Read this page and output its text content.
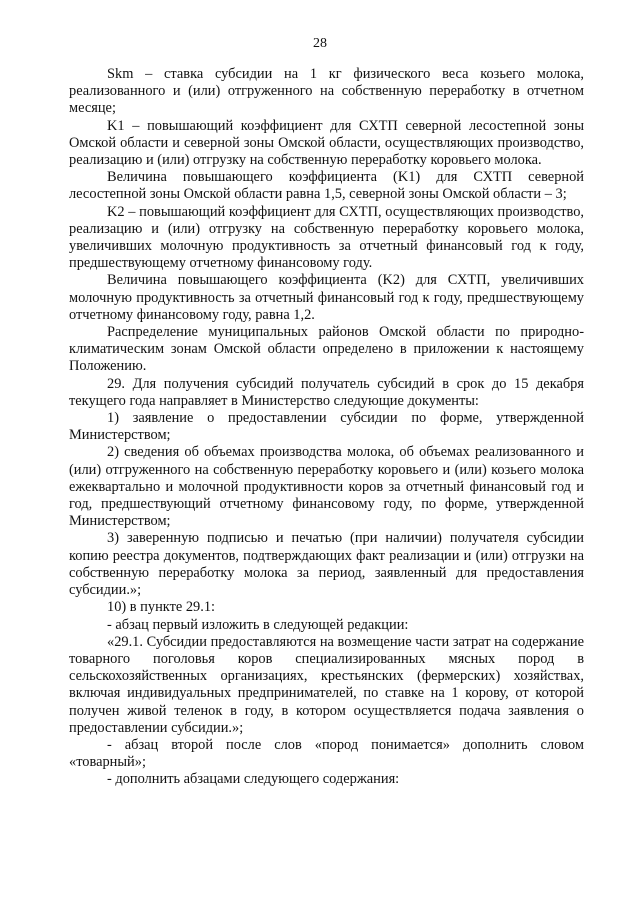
28

Skm – ставка субсидии на 1 кг физического веса козьего молока, реализованного и (или) отгруженного на собственную переработку в отчетном месяце;

K1 – повышающий коэффициент для СХТП северной лесостепной зоны Омской области и северной зоны Омской области, осуществляющих производство, реализацию и (или) отгрузку на собственную переработку коровьего молока.

Величина повышающего коэффициента (K1) для СХТП северной лесостепной зоны Омской области равна 1,5, северной зоны Омской области – 3;

K2 – повышающий коэффициент для СХТП, осуществляющих производство, реализацию и (или) отгрузку на собственную переработку коровьего молока, увеличивших молочную продуктивность за отчетный финансовый год к году, предшествующему отчетному финансовому году.

Величина повышающего коэффициента (K2) для СХТП, увеличивших молочную продуктивность за отчетный финансовый год к году, предшествующему отчетному финансовому году, равна 1,2.

Распределение муниципальных районов Омской области по природно-климатическим зонам Омской области определено в приложении к настоящему Положению.

29. Для получения субсидий получатель субсидий в срок до 15 декабря текущего года направляет в Министерство следующие документы:

1) заявление о предоставлении субсидии по форме, утвержденной Министерством;

2) сведения об объемах производства молока, об объемах реализованного и (или) отгруженного на собственную переработку коровьего и (или) козьего молока ежеквартально и молочной продуктивности коров за отчетный финансовый год и год, предшествующий отчетному финансовому году, по форме, утвержденной Министерством;

3) заверенную подписью и печатью (при наличии) получателя субсидии копию реестра документов, подтверждающих факт реализации и (или) отгрузки на собственную переработку молока за период, заявленный для предоставления субсидии.»;

10) в пункте 29.1:

- абзац первый изложить в следующей редакции:

«29.1. Субсидии предоставляются на возмещение части затрат на содержание товарного поголовья коров специализированных мясных пород в сельскохозяйственных организациях, крестьянских (фермерских) хозяйствах, включая индивидуальных предпринимателей, по ставке на 1 корову, от которой получен живой теленок в году, в котором осуществляется подача заявления о предоставлении субсидии.»;

- абзац второй после слов «пород понимается» дополнить словом «товарный»;

- дополнить абзацами следующего содержания:
